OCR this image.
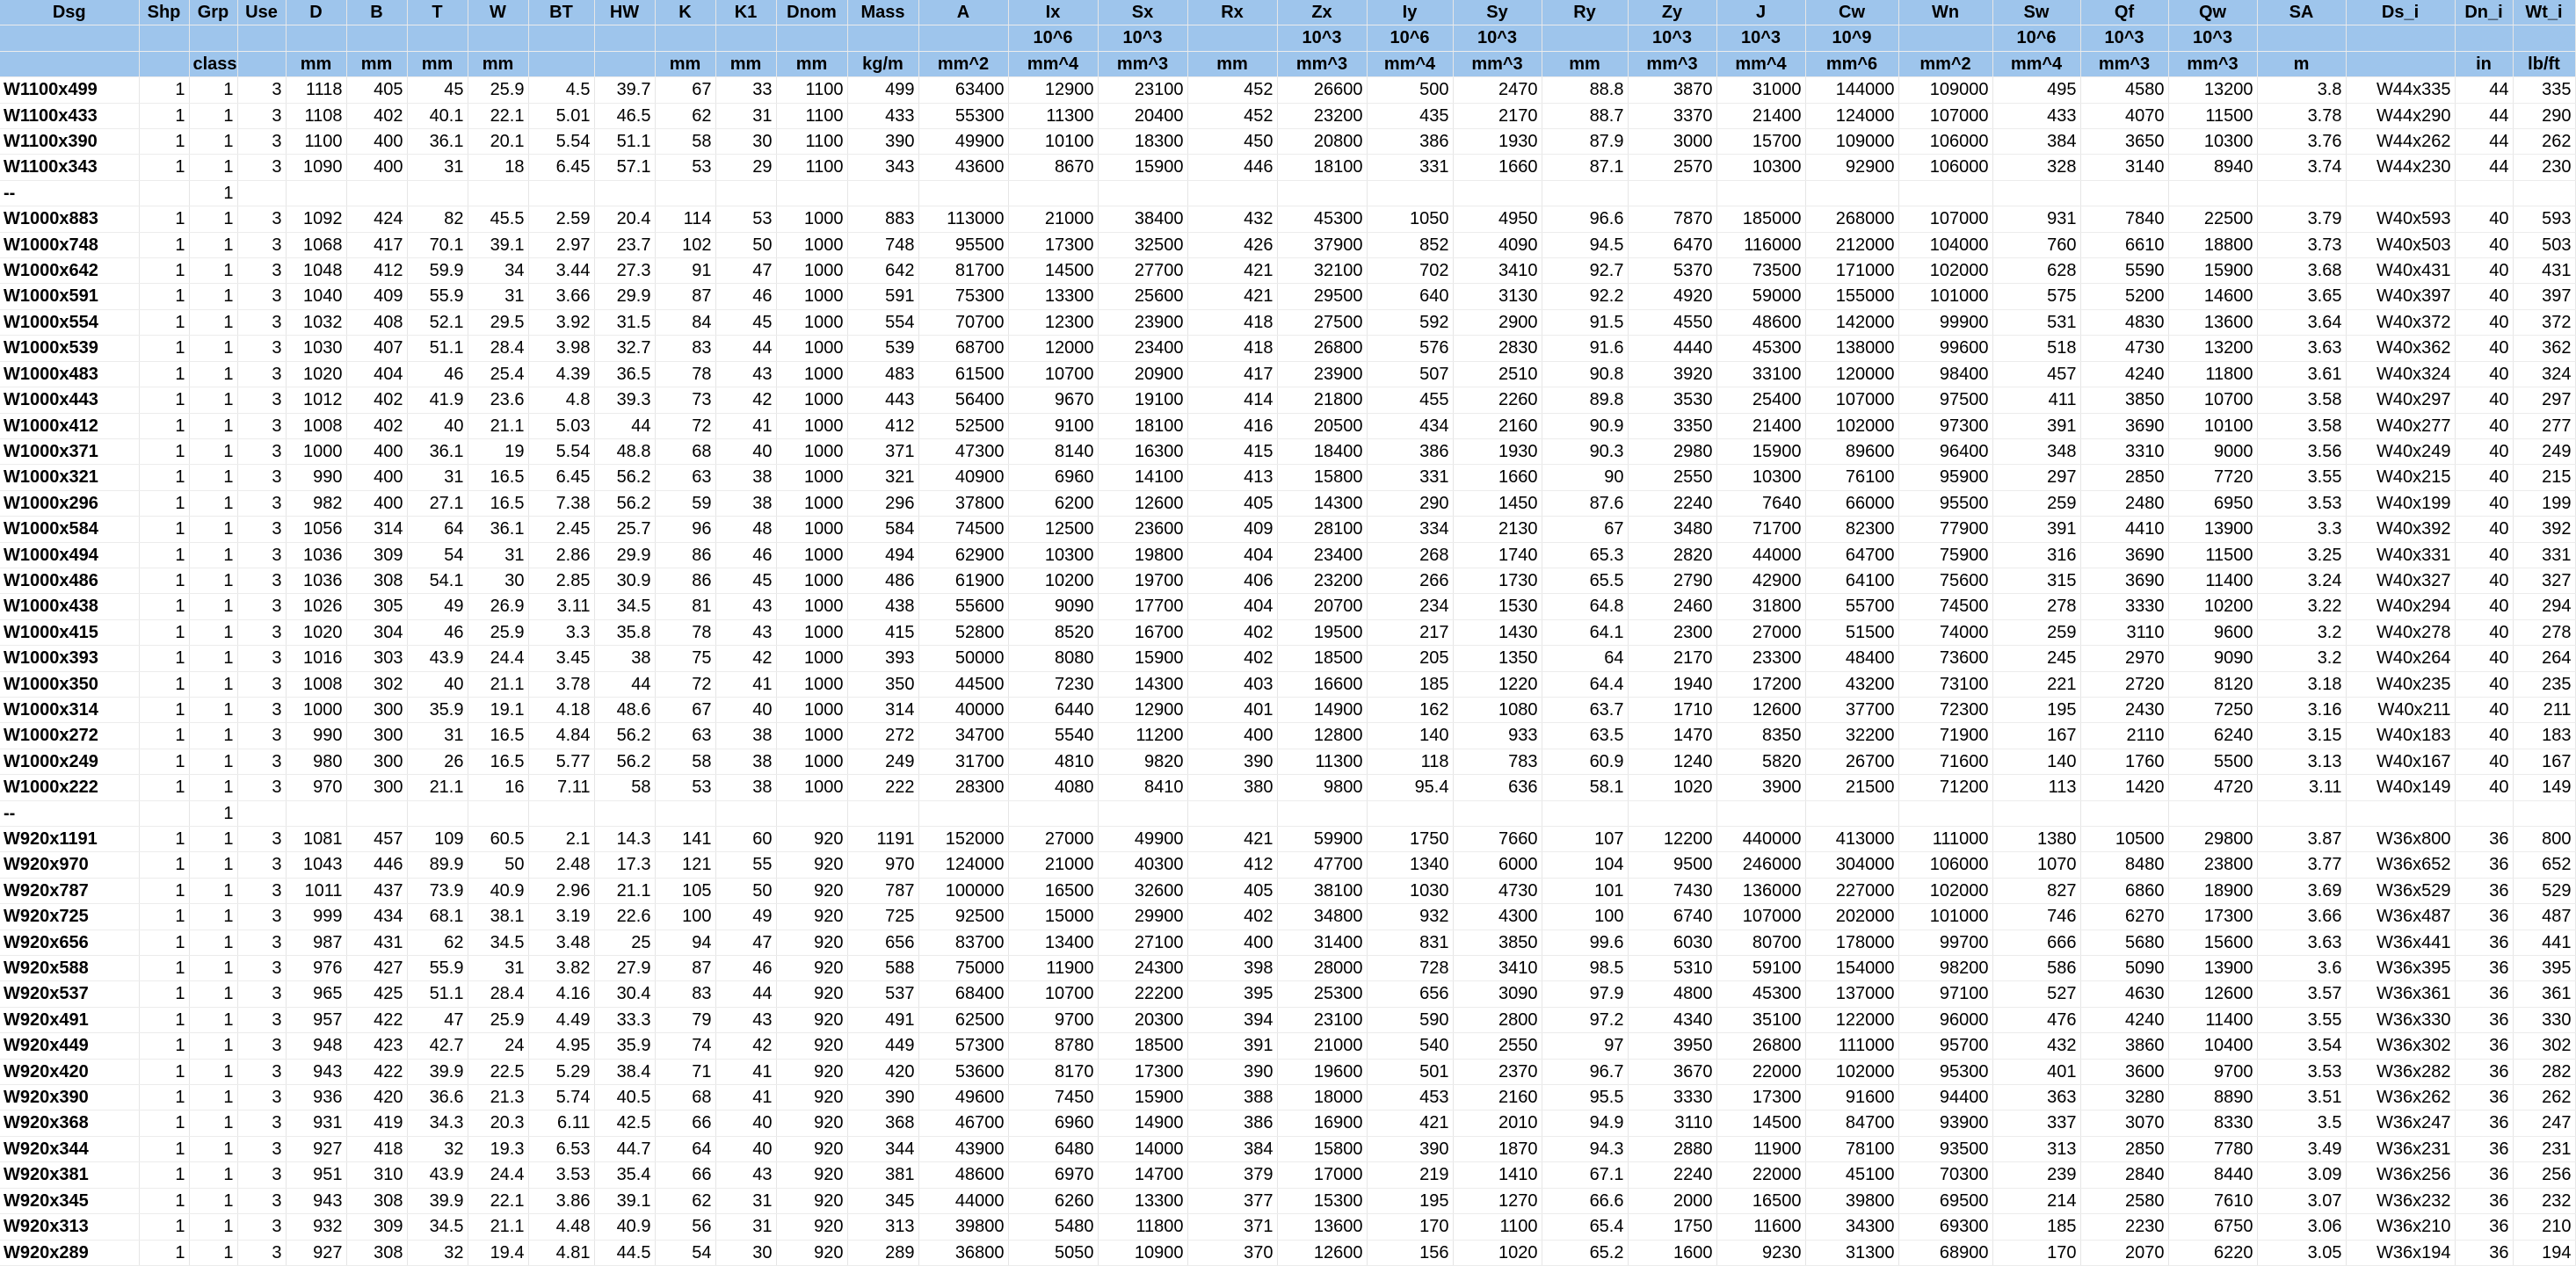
Dsg	Shp	Grp	Use	D	B	T	W	BT	HW	K	K1	Dnom	Mass	A	Ix	Sx	Rx	Zx	Iy	Sy	Ry	Zy	J	Cw	Wn	Sw	Qf	Qw	SA	Ds_i	Dn_i	Wt_i
															10^6	10^3		10^3	10^6	10^3		10^3	10^3	10^9		10^6	10^3	10^3				
		class		mm	mm	mm	mm			mm	mm	mm	kg/m	mm^2	mm^4	mm^3	mm	mm^3	mm^4	mm^3	mm	mm^3	mm^4	mm^6	mm^2	mm^4	mm^3	mm^3	m		in	lb/ft
W1100x499	1	1	3	1118	405	45	25.9	4.5	39.7	67	33	1100	499	63400	12900	23100	452	26600	500	2470	88.8	3870	31000	144000	109000	495	4580	13200	3.8	W44x335	44	335
W1100x433	1	1	3	1108	402	40.1	22.1	5.01	46.5	62	31	1100	433	55300	11300	20400	452	23200	435	2170	88.7	3370	21400	124000	107000	433	4070	11500	3.78	W44x290	44	290
W1100x390	1	1	3	1100	400	36.1	20.1	5.54	51.1	58	30	1100	390	49900	10100	18300	450	20800	386	1930	87.9	3000	15700	109000	106000	384	3650	10300	3.76	W44x262	44	262
W1100x343	1	1	3	1090	400	31	18	6.45	57.1	53	29	1100	343	43600	8670	15900	446	18100	331	1660	87.1	2570	10300	92900	106000	328	3140	8940	3.74	W44x230	44	230
--		1																														
W1000x883	1	1	3	1092	424	82	45.5	2.59	20.4	114	53	1000	883	113000	21000	38400	432	45300	1050	4950	96.6	7870	185000	268000	107000	931	7840	22500	3.79	W40x593	40	593
W1000x748	1	1	3	1068	417	70.1	39.1	2.97	23.7	102	50	1000	748	95500	17300	32500	426	37900	852	4090	94.5	6470	116000	212000	104000	760	6610	18800	3.73	W40x503	40	503
W1000x642	1	1	3	1048	412	59.9	34	3.44	27.3	91	47	1000	642	81700	14500	27700	421	32100	702	3410	92.7	5370	73500	171000	102000	628	5590	15900	3.68	W40x431	40	431
W1000x591	1	1	3	1040	409	55.9	31	3.66	29.9	87	46	1000	591	75300	13300	25600	421	29500	640	3130	92.2	4920	59000	155000	101000	575	5200	14600	3.65	W40x397	40	397
W1000x554	1	1	3	1032	408	52.1	29.5	3.92	31.5	84	45	1000	554	70700	12300	23900	418	27500	592	2900	91.5	4550	48600	142000	99900	531	4830	13600	3.64	W40x372	40	372
W1000x539	1	1	3	1030	407	51.1	28.4	3.98	32.7	83	44	1000	539	68700	12000	23400	418	26800	576	2830	91.6	4440	45300	138000	99600	518	4730	13200	3.63	W40x362	40	362
W1000x483	1	1	3	1020	404	46	25.4	4.39	36.5	78	43	1000	483	61500	10700	20900	417	23900	507	2510	90.8	3920	33100	120000	98400	457	4240	11800	3.61	W40x324	40	324
W1000x443	1	1	3	1012	402	41.9	23.6	4.8	39.3	73	42	1000	443	56400	9670	19100	414	21800	455	2260	89.8	3530	25400	107000	97500	411	3850	10700	3.58	W40x297	40	297
W1000x412	1	1	3	1008	402	40	21.1	5.03	44	72	41	1000	412	52500	9100	18100	416	20500	434	2160	90.9	3350	21400	102000	97300	391	3690	10100	3.58	W40x277	40	277
W1000x371	1	1	3	1000	400	36.1	19	5.54	48.8	68	40	1000	371	47300	8140	16300	415	18400	386	1930	90.3	2980	15900	89600	96400	348	3310	9000	3.56	W40x249	40	249
W1000x321	1	1	3	990	400	31	16.5	6.45	56.2	63	38	1000	321	40900	6960	14100	413	15800	331	1660	90	2550	10300	76100	95900	297	2850	7720	3.55	W40x215	40	215
W1000x296	1	1	3	982	400	27.1	16.5	7.38	56.2	59	38	1000	296	37800	6200	12600	405	14300	290	1450	87.6	2240	7640	66000	95500	259	2480	6950	3.53	W40x199	40	199
W1000x584	1	1	3	1056	314	64	36.1	2.45	25.7	96	48	1000	584	74500	12500	23600	409	28100	334	2130	67	3480	71700	82300	77900	391	4410	13900	3.3	W40x392	40	392
W1000x494	1	1	3	1036	309	54	31	2.86	29.9	86	46	1000	494	62900	10300	19800	404	23400	268	1740	65.3	2820	44000	64700	75900	316	3690	11500	3.25	W40x331	40	331
W1000x486	1	1	3	1036	308	54.1	30	2.85	30.9	86	45	1000	486	61900	10200	19700	406	23200	266	1730	65.5	2790	42900	64100	75600	315	3690	11400	3.24	W40x327	40	327
W1000x438	1	1	3	1026	305	49	26.9	3.11	34.5	81	43	1000	438	55600	9090	17700	404	20700	234	1530	64.8	2460	31800	55700	74500	278	3330	10200	3.22	W40x294	40	294
W1000x415	1	1	3	1020	304	46	25.9	3.3	35.8	78	43	1000	415	52800	8520	16700	402	19500	217	1430	64.1	2300	27000	51500	74000	259	3110	9600	3.2	W40x278	40	278
W1000x393	1	1	3	1016	303	43.9	24.4	3.45	38	75	42	1000	393	50000	8080	15900	402	18500	205	1350	64	2170	23300	48400	73600	245	2970	9090	3.2	W40x264	40	264
W1000x350	1	1	3	1008	302	40	21.1	3.78	44	72	41	1000	350	44500	7230	14300	403	16600	185	1220	64.4	1940	17200	43200	73100	221	2720	8120	3.18	W40x235	40	235
W1000x314	1	1	3	1000	300	35.9	19.1	4.18	48.6	67	40	1000	314	40000	6440	12900	401	14900	162	1080	63.7	1710	12600	37700	72300	195	2430	7250	3.16	W40x211	40	211
W1000x272	1	1	3	990	300	31	16.5	4.84	56.2	63	38	1000	272	34700	5540	11200	400	12800	140	933	63.5	1470	8350	32200	71900	167	2110	6240	3.15	W40x183	40	183
W1000x249	1	1	3	980	300	26	16.5	5.77	56.2	58	38	1000	249	31700	4810	9820	390	11300	118	783	60.9	1240	5820	26700	71600	140	1760	5500	3.13	W40x167	40	167
W1000x222	1	1	3	970	300	21.1	16	7.11	58	53	38	1000	222	28300	4080	8410	380	9800	95.4	636	58.1	1020	3900	21500	71200	113	1420	4720	3.11	W40x149	40	149
--		1																														
W920x1191	1	1	3	1081	457	109	60.5	2.1	14.3	141	60	920	1191	152000	27000	49900	421	59900	1750	7660	107	12200	440000	413000	111000	1380	10500	29800	3.87	W36x800	36	800
W920x970	1	1	3	1043	446	89.9	50	2.48	17.3	121	55	920	970	124000	21000	40300	412	47700	1340	6000	104	9500	246000	304000	106000	1070	8480	23800	3.77	W36x652	36	652
W920x787	1	1	3	1011	437	73.9	40.9	2.96	21.1	105	50	920	787	100000	16500	32600	405	38100	1030	4730	101	7430	136000	227000	102000	827	6860	18900	3.69	W36x529	36	529
W920x725	1	1	3	999	434	68.1	38.1	3.19	22.6	100	49	920	725	92500	15000	29900	402	34800	932	4300	100	6740	107000	202000	101000	746	6270	17300	3.66	W36x487	36	487
W920x656	1	1	3	987	431	62	34.5	3.48	25	94	47	920	656	83700	13400	27100	400	31400	831	3850	99.6	6030	80700	178000	99700	666	5680	15600	3.63	W36x441	36	441
W920x588	1	1	3	976	427	55.9	31	3.82	27.9	87	46	920	588	75000	11900	24300	398	28000	728	3410	98.5	5310	59100	154000	98200	586	5090	13900	3.6	W36x395	36	395
W920x537	1	1	3	965	425	51.1	28.4	4.16	30.4	83	44	920	537	68400	10700	22200	395	25300	656	3090	97.9	4800	45300	137000	97100	527	4630	12600	3.57	W36x361	36	361
W920x491	1	1	3	957	422	47	25.9	4.49	33.3	79	43	920	491	62500	9700	20300	394	23100	590	2800	97.2	4340	35100	122000	96000	476	4240	11400	3.55	W36x330	36	330
W920x449	1	1	3	948	423	42.7	24	4.95	35.9	74	42	920	449	57300	8780	18500	391	21000	540	2550	97	3950	26800	111000	95700	432	3860	10400	3.54	W36x302	36	302
W920x420	1	1	3	943	422	39.9	22.5	5.29	38.4	71	41	920	420	53600	8170	17300	390	19600	501	2370	96.7	3670	22000	102000	95300	401	3600	9700	3.53	W36x282	36	282
W920x390	1	1	3	936	420	36.6	21.3	5.74	40.5	68	41	920	390	49600	7450	15900	388	18000	453	2160	95.5	3330	17300	91600	94400	363	3280	8890	3.51	W36x262	36	262
W920x368	1	1	3	931	419	34.3	20.3	6.11	42.5	66	40	920	368	46700	6960	14900	386	16900	421	2010	94.9	3110	14500	84700	93900	337	3070	8330	3.5	W36x247	36	247
W920x344	1	1	3	927	418	32	19.3	6.53	44.7	64	40	920	344	43900	6480	14000	384	15800	390	1870	94.3	2880	11900	78100	93500	313	2850	7780	3.49	W36x231	36	231
W920x381	1	1	3	951	310	43.9	24.4	3.53	35.4	66	43	920	381	48600	6970	14700	379	17000	219	1410	67.1	2240	22000	45100	70300	239	2840	8440	3.09	W36x256	36	256
W920x345	1	1	3	943	308	39.9	22.1	3.86	39.1	62	31	920	345	44000	6260	13300	377	15300	195	1270	66.6	2000	16500	39800	69500	214	2580	7610	3.07	W36x232	36	232
W920x313	1	1	3	932	309	34.5	21.1	4.48	40.9	56	31	920	313	39800	5480	11800	371	13600	170	1100	65.4	1750	11600	34300	69300	185	2230	6750	3.06	W36x210	36	210
W920x289	1	1	3	927	308	32	19.4	4.81	44.5	54	30	920	289	36800	5050	10900	370	12600	156	1020	65.2	1600	9230	31300	68900	170	2070	6220	3.05	W36x194	36	194
